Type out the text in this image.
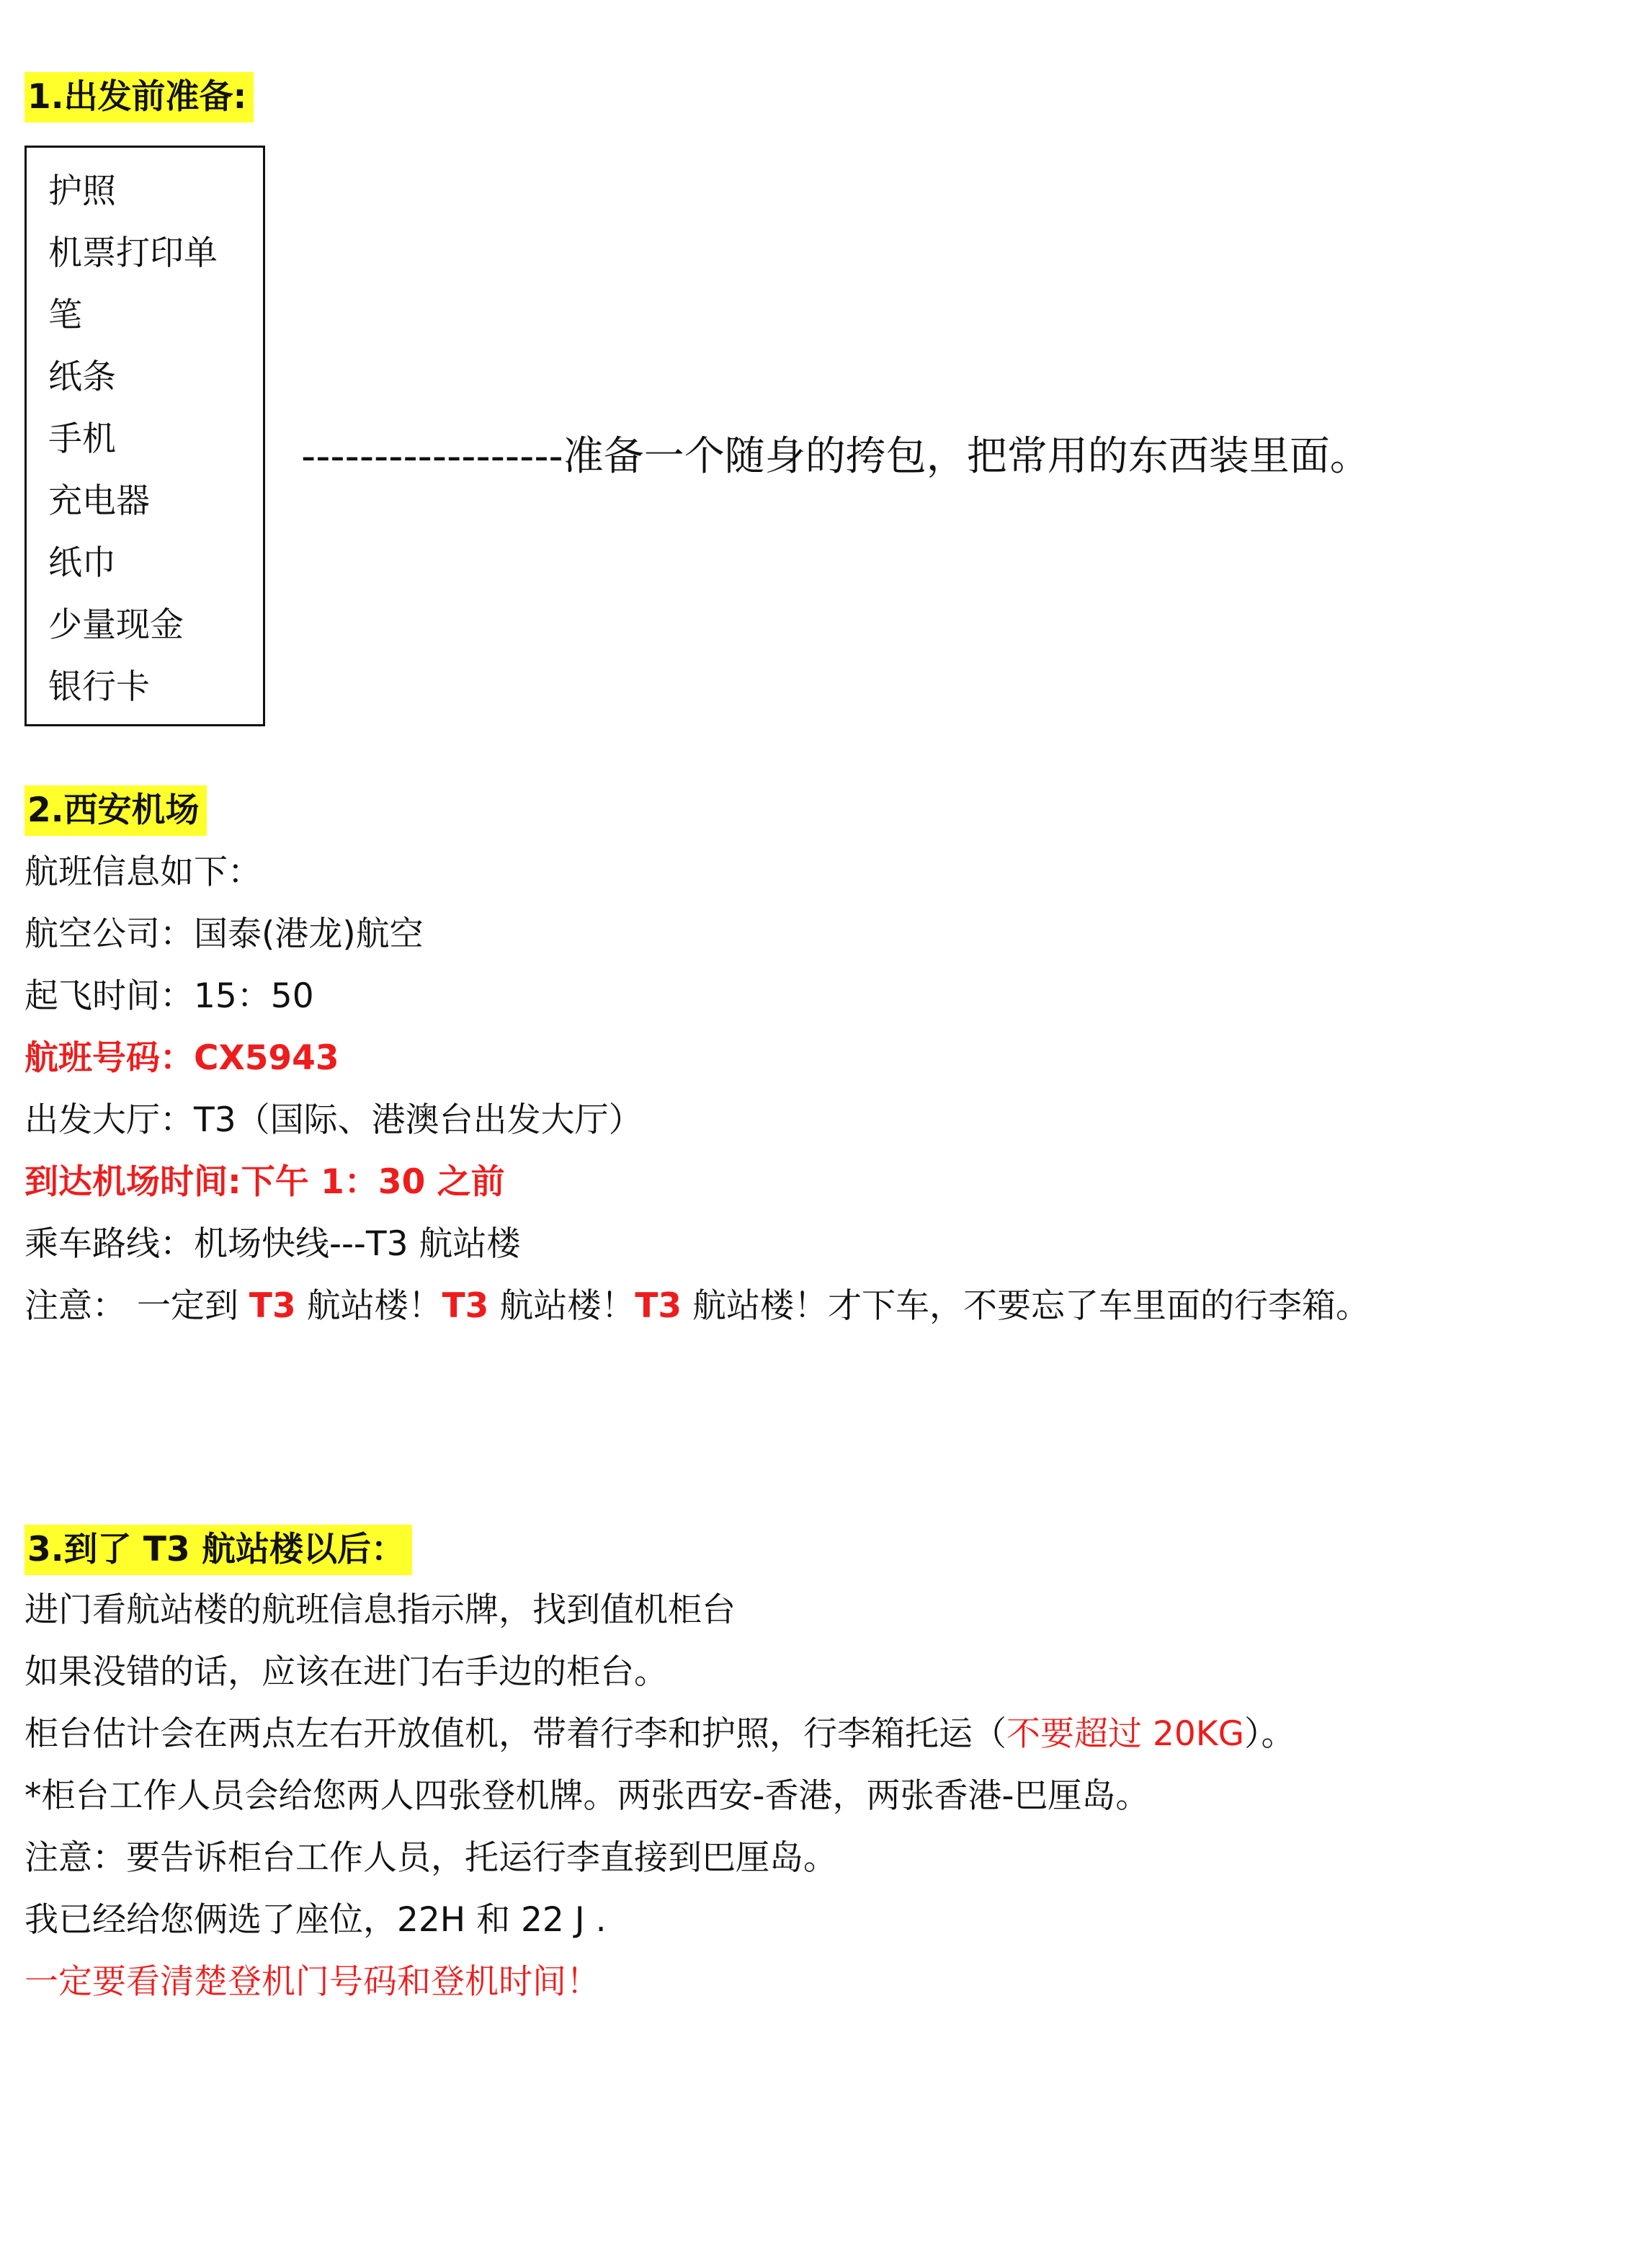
1.出发前准备:
护照
机票打印单
笔
纸条
手机
充电器
纸巾
少量现金
银行卡
------------------准备一个随身的挎包，把常用的东西装里面。
2.西安机场
航班信息如下：
航空公司：国泰(港龙)航空
起飞时间：15：50
航班号码：CX5943
出发大厅：T3（国际、港澳台出发大厅）
到达机场时间:下午 1：30 之前
乘车路线：机场快线---T3 航站楼
注意： 一定到 T3 航站楼！T3 航站楼！T3 航站楼！才下车，不要忘了车里面的行李箱。
3.到了 T3 航站楼以后：
进门看航站楼的航班信息指示牌，找到值机柜台
如果没错的话，应该在进门右手边的柜台。
柜台估计会在两点左右开放值机，带着行李和护照，行李箱托运（不要超过 20KG）。
*柜台工作人员会给您两人四张登机牌。两张西安-香港，两张香港-巴厘岛。
注意：要告诉柜台工作人员，托运行李直接到巴厘岛。
我已经给您俩选了座位，22H 和 22 J .
一定要看清楚登机门号码和登机时间！
